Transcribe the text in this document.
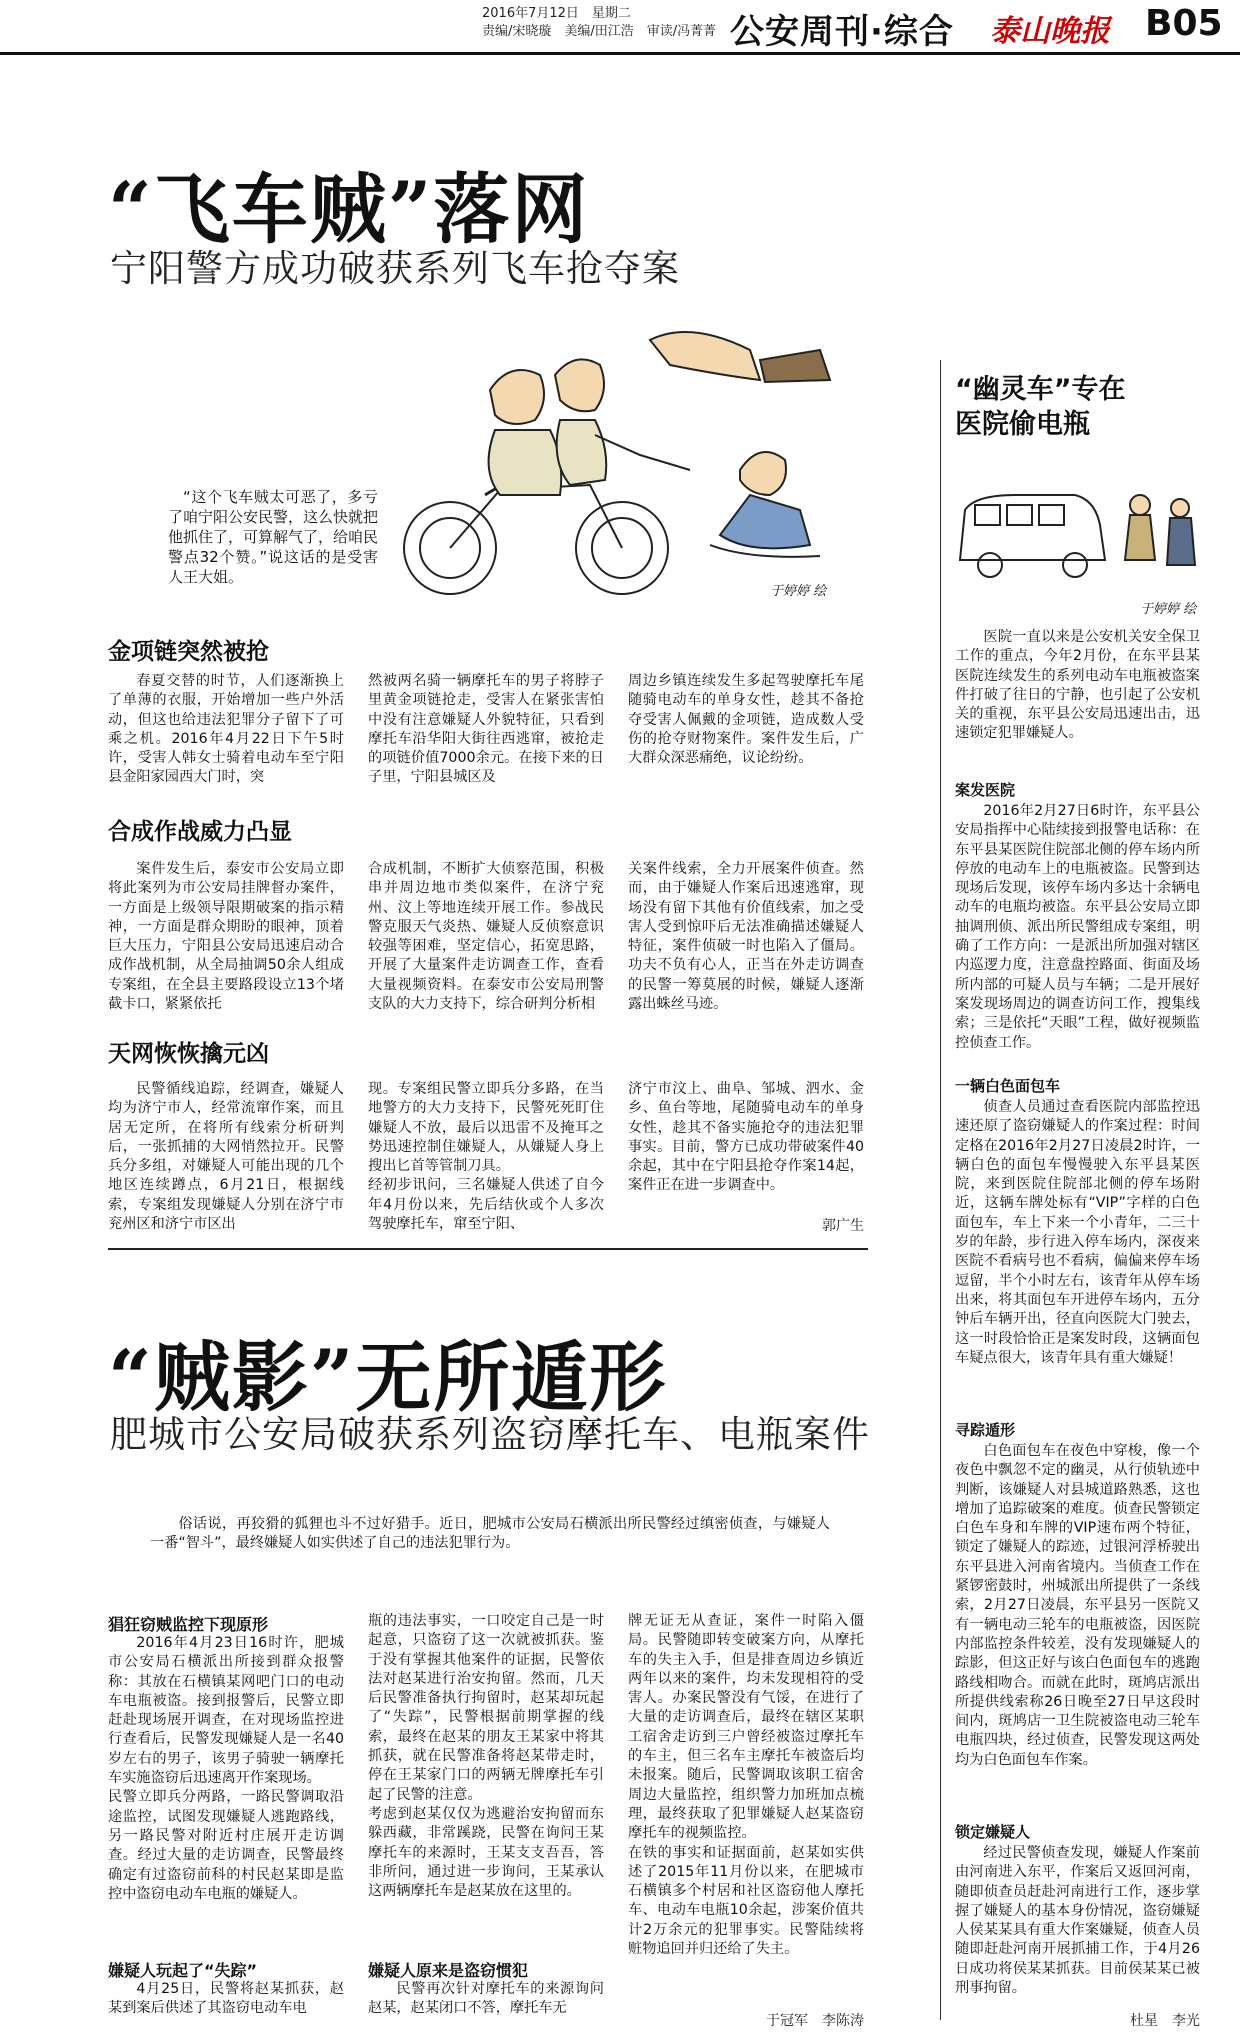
2016年7月12日　星期二
责编/宋晓璇　美编/田江浩　审读/冯菁菁 公安周刊·综合 泰山晚报 B05
“飞车贼”落网
宁阳警方成功破获系列飞车抢夺案
“这个飞车贼太可恶了，多亏了咱宁阳公安民警，这么快就把他抓住了，可算解气了，给咱民警点32个赞。”说这话的是受害人王大姐。
于婷婷 绘
金项链突然被抢

春夏交替的时节，人们逐渐换上了单薄的衣服，开始增加一些户外活动，但这也给违法犯罪分子留下了可乘之机。2016年4月22日下午5时许，受害人韩女士骑着电动车至宁阳县金阳家园西大门时，突

然被两名骑一辆摩托车的男子将脖子里黄金项链抢走，受害人在紧张害怕中没有注意嫌疑人外貌特征，只看到摩托车沿华阳大街往西逃窜，被抢走的项链价值7000余元。在接下来的日子里，宁阳县城区及

周边乡镇连续发生多起驾驶摩托车尾随骑电动车的单身女性，趁其不备抢夺受害人佩戴的金项链，造成数人受伤的抢夺财物案件。案件发生后，广大群众深恶痛绝，议论纷纷。

合成作战威力凸显

案件发生后，泰安市公安局立即将此案列为市公安局挂牌督办案件，一方面是上级领导限期破案的指示精神，一方面是群众期盼的眼神，顶着巨大压力，宁阳县公安局迅速启动合成作战机制，从全局抽调50余人组成专案组，在全县主要路段设立13个堵截卡口，紧紧依托

合成机制，不断扩大侦察范围，积极串并周边地市类似案件，在济宁兖州、汶上等地连续开展工作。参战民警克服天气炎热、嫌疑人反侦察意识较强等困难，坚定信心，拓宽思路，开展了大量案件走访调查工作，查看大量视频资料。在泰安市公安局刑警支队的大力支持下，综合研判分析相

关案件线索，全力开展案件侦查。然而，由于嫌疑人作案后迅速逃窜，现场没有留下其他有价值线索，加之受害人受到惊吓后无法准确描述嫌疑人特征，案件侦破一时也陷入了僵局。功夫不负有心人，正当在外走访调查的民警一筹莫展的时候，嫌疑人逐渐露出蛛丝马迹。

天网恢恢擒元凶

民警循线追踪，经调查，嫌疑人均为济宁市人，经常流窜作案，而且居无定所，在将所有线索分析研判后，一张抓捕的大网悄然拉开。民警兵分多组，对嫌疑人可能出现的几个地区连续蹲点，6月21日，根据线索，专案组发现嫌疑人分别在济宁市兖州区和济宁市区出

现。专案组民警立即兵分多路，在当地警方的大力支持下，民警死死盯住嫌疑人不放，最后以迅雷不及掩耳之势迅速控制住嫌疑人，从嫌疑人身上搜出匕首等管制刀具。
经初步讯问，三名嫌疑人供述了自今年4月份以来，先后结伙或个人多次驾驶摩托车，窜至宁阳、

济宁市汶上、曲阜、邹城、泗水、金乡、鱼台等地，尾随骑电动车的单身女性，趁其不备实施抢夺的违法犯罪事实。目前，警方已成功带破案件40余起，其中在宁阳县抢夺作案14起，案件正在进一步调查中。

郭广生
“贼影”无所遁形
肥城市公安局破获系列盗窃摩托车、电瓶案件

俗话说，再狡猾的狐狸也斗不过好猎手。近日，肥城市公安局石横派出所民警经过缜密侦查，与嫌疑人一番“智斗”，最终嫌疑人如实供述了自己的违法犯罪行为。

猖狂窃贼监控下现原形

2016年4月23日16时许，肥城市公安局石横派出所接到群众报警称：其放在石横镇某网吧门口的电动车电瓶被盗。接到报警后，民警立即赶赴现场展开调查，在对现场监控进行查看后，民警发现嫌疑人是一名40岁左右的男子，该男子骑驶一辆摩托车实施盗窃后迅速离开作案现场。
民警立即兵分两路，一路民警调取沿途监控，试图发现嫌疑人逃跑路线，另一路民警对附近村庄展开走访调查。经过大量的走访调查，民警最终确定有过盗窃前科的村民赵某即是监控中盗窃电动车电瓶的嫌疑人。

嫌疑人玩起了“失踪”

4月25日，民警将赵某抓获，赵某到案后供述了其盗窃电动车电

瓶的违法事实，一口咬定自己是一时起意，只盗窃了这一次就被抓获。鉴于没有掌握其他案件的证据，民警依法对赵某进行治安拘留。然而，几天后民警准备执行拘留时，赵某却玩起了“失踪”，民警根据前期掌握的线索，最终在赵某的朋友王某家中将其抓获，就在民警准备将赵某带走时，停在王某家门口的两辆无牌摩托车引起了民警的注意。
考虑到赵某仅仅为逃避治安拘留而东躲西藏，非常蹊跷，民警在询问王某摩托车的来源时，王某支支吾吾，答非所问，通过进一步询问，王某承认这两辆摩托车是赵某放在这里的。

嫌疑人原来是盗窃惯犯

民警再次针对摩托车的来源询问赵某，赵某闭口不答，摩托车无

牌无证无从查证，案件一时陷入僵局。民警随即转变破案方向，从摩托车的失主入手，但是排查周边乡镇近两年以来的案件，均未发现相符的受害人。办案民警没有气馁，在进行了大量的走访调查后，最终在辖区某职工宿舍走访到三户曾经被盗过摩托车的车主，但三名车主摩托车被盗后均未报案。随后，民警调取该职工宿舍周边大量监控，组织警力加班加点梳理，最终获取了犯罪嫌疑人赵某盗窃摩托车的视频监控。
在铁的事实和证据面前，赵某如实供述了2015年11月份以来，在肥城市石横镇多个村居和社区盗窃他人摩托车、电动车电瓶10余起，涉案价值共计2万余元的犯罪事实。民警陆续将赃物追回并归还给了失主。

于冠军　李陈涛
“幽灵车”专在
医院偷电瓶
于婷婷 绘

医院一直以来是公安机关安全保卫工作的重点，今年2月份，在东平县某医院连续发生的系列电动车电瓶被盗案件打破了往日的宁静，也引起了公安机关的重视，东平县公安局迅速出击，迅速锁定犯罪嫌疑人。

案发医院

2016年2月27日6时许，东平县公安局指挥中心陆续接到报警电话称：在东平县某医院住院部北侧的停车场内所停放的电动车上的电瓶被盗。民警到达现场后发现，该停车场内多达十余辆电动车的电瓶均被盗。东平县公安局立即抽调刑侦、派出所民警组成专案组，明确了工作方向：一是派出所加强对辖区内巡逻力度，注意盘控路面、街面及场所内部的可疑人员与车辆；二是开展好案发现场周边的调查访问工作，搜集线索；三是依托“天眼”工程，做好视频监控侦查工作。

一辆白色面包车

侦查人员通过查看医院内部监控迅速还原了盗窃嫌疑人的作案过程：时间定格在2016年2月27日凌晨2时许，一辆白色的面包车慢慢驶入东平县某医院，来到医院住院部北侧的停车场附近，这辆车牌处标有“VIP”字样的白色面包车，车上下来一个小青年，二三十岁的年龄，步行进入停车场内，深夜来医院不看病号也不看病，偏偏来停车场逗留，半个小时左右，该青年从停车场出来，将其面包车开进停车场内，五分钟后车辆开出，径直向医院大门驶去，这一时段恰恰正是案发时段，这辆面包车疑点很大，该青年具有重大嫌疑！

寻踪遁形

白色面包车在夜色中穿梭，像一个夜色中飘忽不定的幽灵，从行侦轨迹中判断，该嫌疑人对县城道路熟悉，这也增加了追踪破案的难度。侦查民警锁定白色车身和车牌的VIP速布两个特征，锁定了嫌疑人的踪迹，过银河浮桥驶出东平县进入河南省境内。当侦查工作在紧锣密鼓时，州城派出所提供了一条线索，2月27日凌晨，东平县另一医院又有一辆电动三轮车的电瓶被盗，因医院内部监控条件较差，没有发现嫌疑人的踪影，但这正好与该白色面包车的逃跑路线相吻合。而就在此时，斑鸠店派出所提供线索称26日晚至27日早这段时间内，斑鸠店一卫生院被盗电动三轮车电瓶四块，经过侦查，民警发现这两处均为白色面包车作案。

锁定嫌疑人

经过民警侦查发现，嫌疑人作案前由河南进入东平，作案后又返回河南，随即侦查员赶赴河南进行工作，逐步掌握了嫌疑人的基本身份情况，盗窃嫌疑人侯某某具有重大作案嫌疑，侦查人员随即赶赴河南开展抓捕工作，于4月26日成功将侯某某抓获。目前侯某某已被刑事拘留。

杜星　李光
